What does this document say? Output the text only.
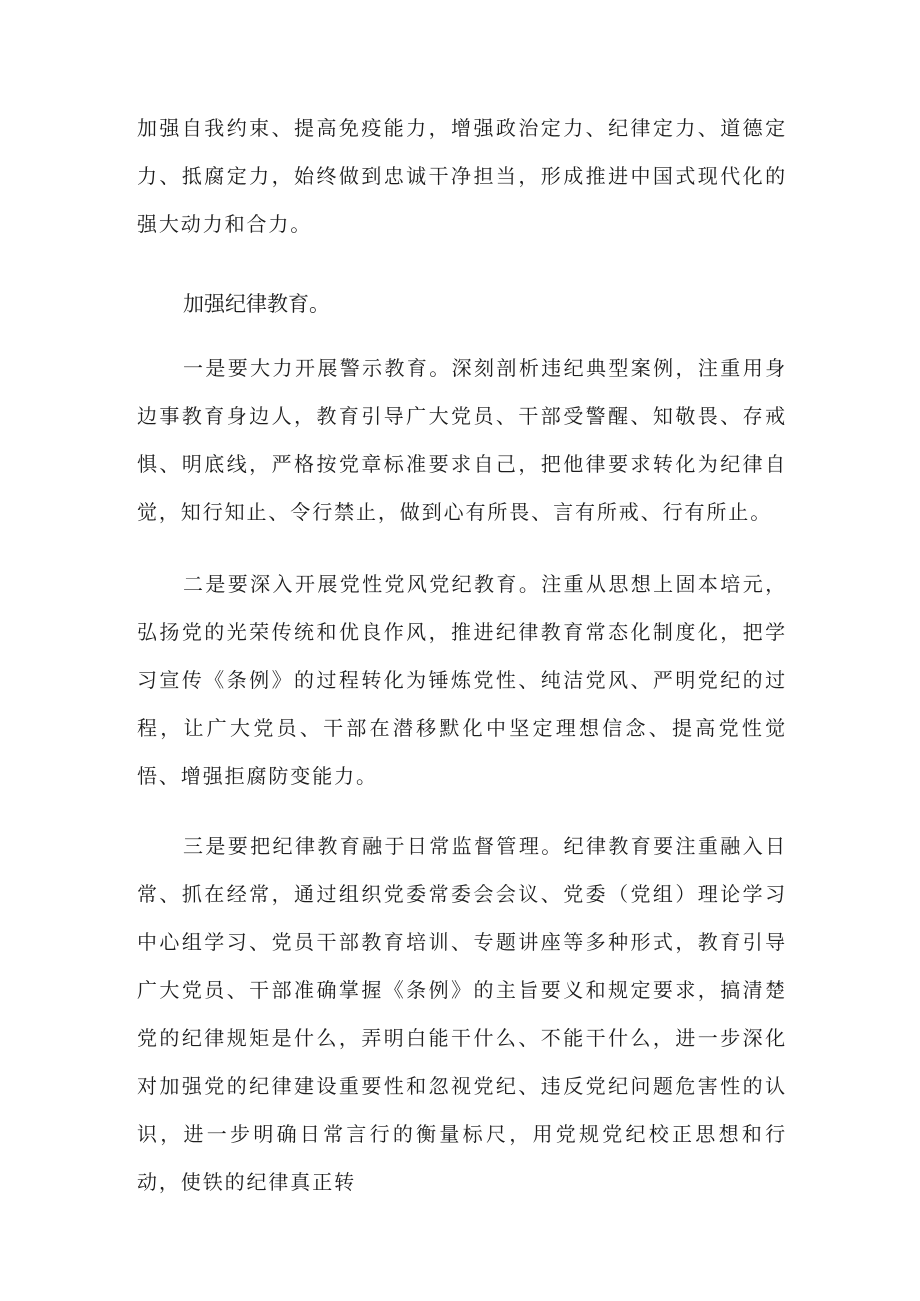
加强自我约束、提高免疫能力，增强政治定力、纪律定力、道德定力、抵腐定力，始终做到忠诚干净担当，形成推进中国式现代化的强大动力和合力。

加强纪律教育。

一是要大力开展警示教育。深刻剖析违纪典型案例，注重用身边事教育身边人，教育引导广大党员、干部受警醒、知敬畏、存戒惧、明底线，严格按党章标准要求自己，把他律要求转化为纪律自觉，知行知止、令行禁止，做到心有所畏、言有所戒、行有所止。

二是要深入开展党性党风党纪教育。注重从思想上固本培元，弘扬党的光荣传统和优良作风，推进纪律教育常态化制度化，把学习宣传《条例》的过程转化为锤炼党性、纯洁党风、严明党纪的过程，让广大党员、干部在潜移默化中坚定理想信念、提高党性觉悟、增强拒腐防变能力。

三是要把纪律教育融于日常监督管理。纪律教育要注重融入日常、抓在经常，通过组织党委常委会会议、党委（党组）理论学习中心组学习、党员干部教育培训、专题讲座等多种形式，教育引导广大党员、干部准确掌握《条例》的主旨要义和规定要求，搞清楚党的纪律规矩是什么，弄明白能干什么、不能干什么，进一步深化对加强党的纪律建设重要性和忽视党纪、违反党纪问题危害性的认识，进一步明确日常言行的衡量标尺，用党规党纪校正思想和行动，使铁的纪律真正转
